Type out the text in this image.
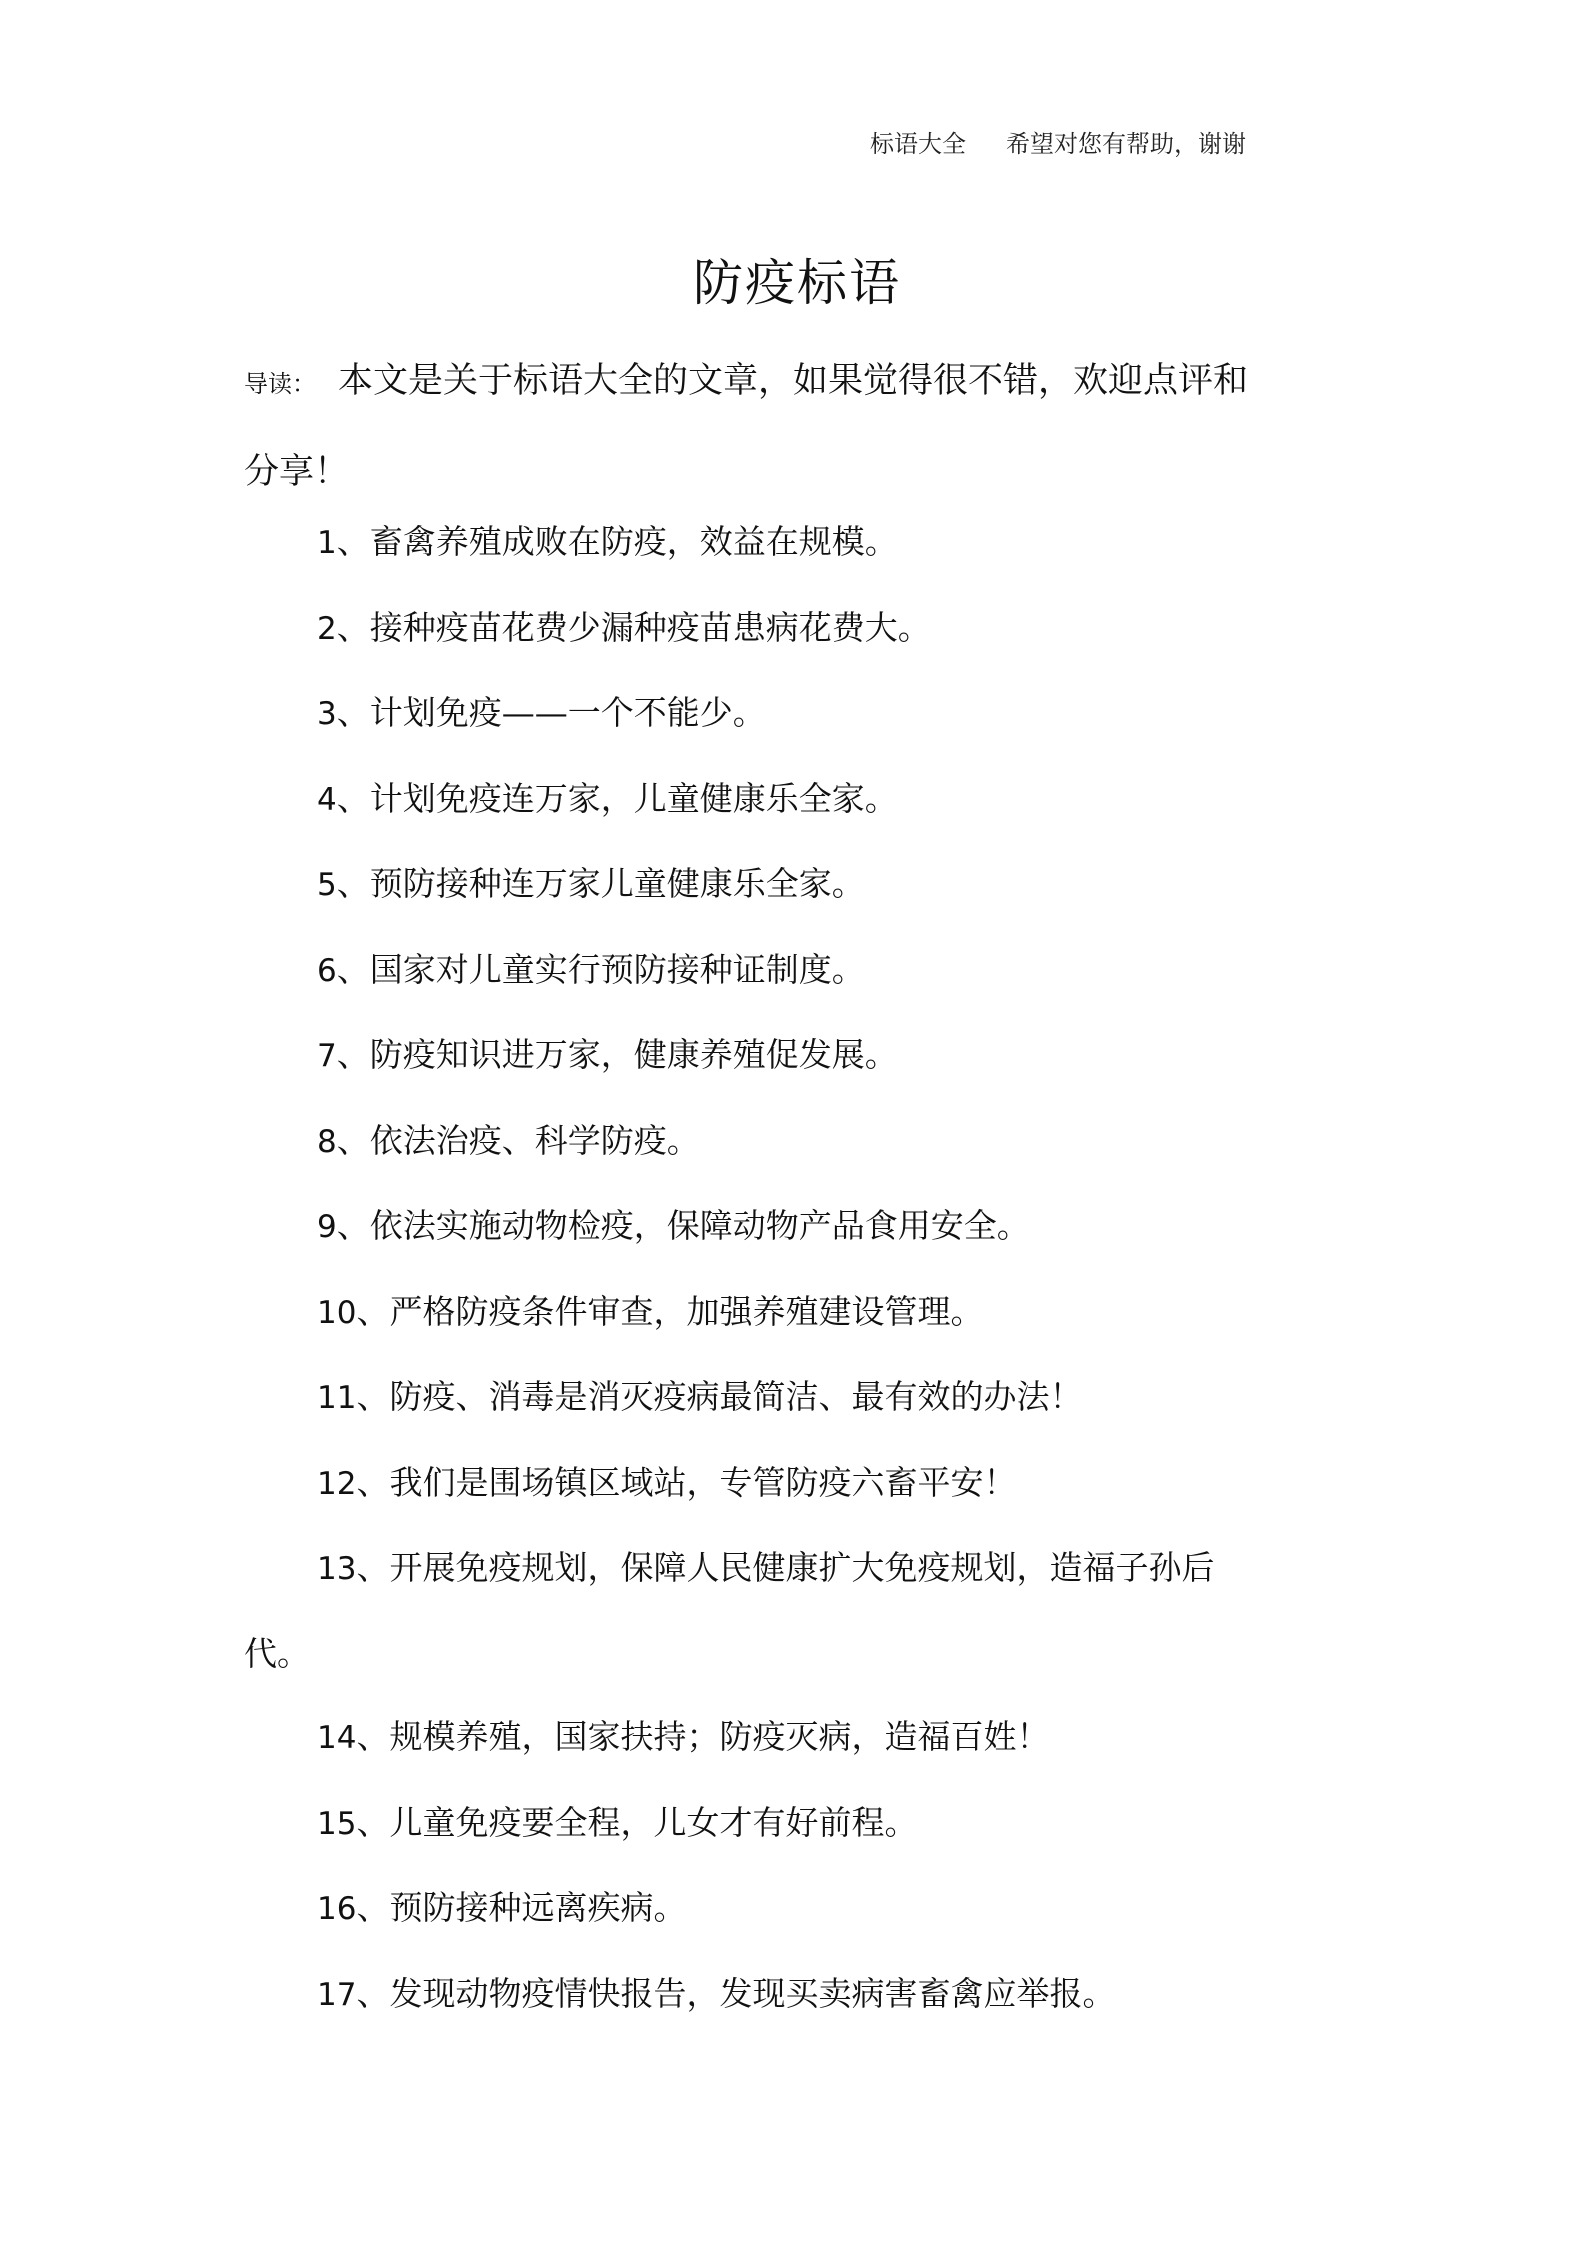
标语大全 希望对您有帮助，谢谢
防疫标语
导读： 本文是关于标语大全的文章，如果觉得很不错，欢迎点评和分享！
1、畜禽养殖成败在防疫，效益在规模。
2、接种疫苗花费少漏种疫苗患病花费大。
3、计划免疫——一个不能少。
4、计划免疫连万家，儿童健康乐全家。
5、预防接种连万家儿童健康乐全家。
6、国家对儿童实行预防接种证制度。
7、防疫知识进万家，健康养殖促发展。
8、依法治疫、科学防疫。
9、依法实施动物检疫，保障动物产品食用安全。
10、严格防疫条件审查，加强养殖建设管理。
11、防疫、消毒是消灭疫病最简洁、最有效的办法！
12、我们是围场镇区域站，专管防疫六畜平安！
13、开展免疫规划，保障人民健康扩大免疫规划，造福子孙后代。
14、规模养殖，国家扶持；防疫灭病，造福百姓！
15、儿童免疫要全程，儿女才有好前程。
16、预防接种远离疾病。
17、发现动物疫情快报告，发现买卖病害畜禽应举报。
